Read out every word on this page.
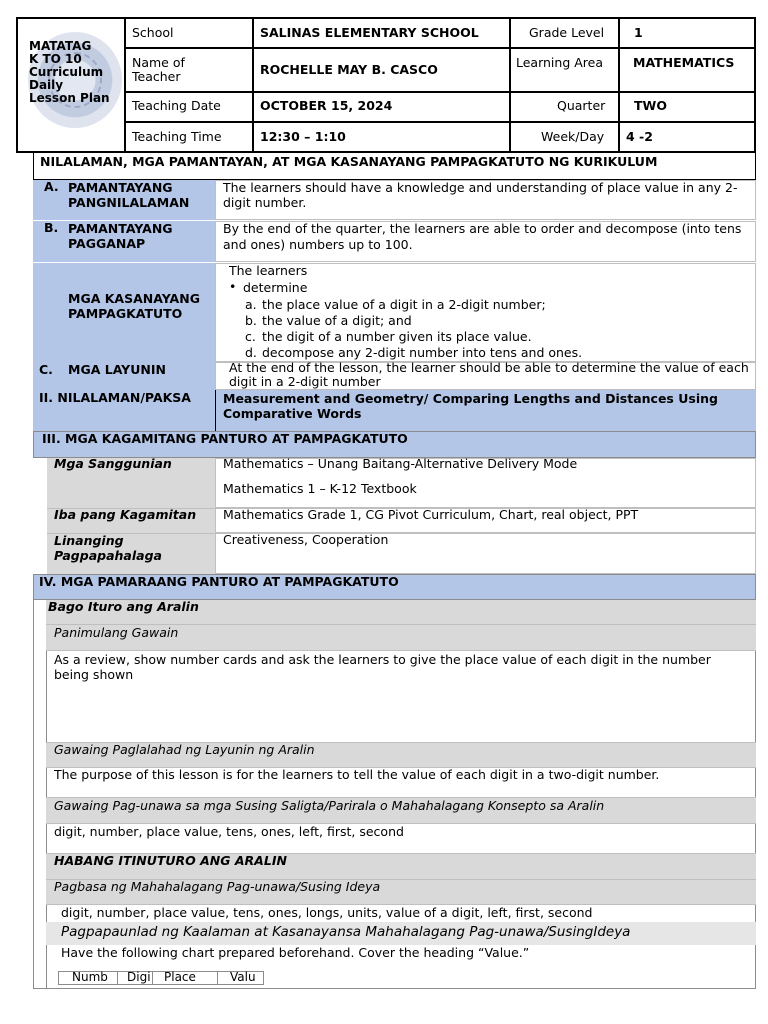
MATATAG
K TO 10
Curriculum
Daily
Lesson Plan
School	SALINAS ELEMENTARY SCHOOL	Grade Level 1
Name of Teacher	ROCHELLE MAY B. CASCO	Learning Area MATHEMATICS
Teaching Date	OCTOBER 15, 2024	Quarter TWO
Teaching Time	12:30 – 1:10	Week/Day 4 -2
NILALAMAN, MGA PAMANTAYAN, AT MGA KASANAYANG PAMPAGKATUTO NG KURIKULUM
A. PAMANTAYANG PANGNILALAMAN
The learners should have a knowledge and understanding of place value in any 2-digit number.
B. PAMANTAYANG PAGGANAP
By the end of the quarter, the learners are able to order and decompose (into tens and ones) numbers up to 100.
MGA KASANAYANG PAMPAGKATUTO
The learners
• determine
a. the place value of a digit in a 2-digit number;
b. the value of a digit; and
c. the digit of a number given its place value.
d. decompose any 2-digit number into tens and ones.
C. MGA LAYUNIN	At the end of the lesson, the learner should be able to determine the value of each digit in a 2-digit number
II. NILALAMAN/PAKSA	Measurement and Geometry/ Comparing Lengths and Distances Using Comparative Words
III. MGA KAGAMITANG PANTURO AT PAMPAGKATUTO
Mga Sanggunian	Mathematics – Unang Baitang-Alternative Delivery Mode
Mathematics 1 – K-12 Textbook
Iba pang Kagamitan Mathematics Grade 1, CG Pivot Curriculum, Chart, real object, PPT
Linanging Pagpapahalaga
Creativeness, Cooperation
IV. MGA PAMARAANG PANTURO AT PAMPAGKATUTO
Bago Ituro ang Aralin
Panimulang Gawain
As a review, show number cards and ask the learners to give the place value of each digit in the number being shown
Gawaing Paglalahad ng Layunin ng Aralin
The purpose of this lesson is for the learners to tell the value of each digit in a two-digit number.
Gawaing Pag-unawa sa mga Susing Saligta/Parirala o Mahahalagang Konsepto sa Aralin
digit, number, place value, tens, ones, left, first, second
HABANG ITINUTURO ANG ARALIN
Pagbasa ng Mahahalagang Pag-unawa/Susing Ideya
digit, number, place value, tens, ones, longs, units, value of a digit, left, first, second
Pagpapaunlad ng Kaalaman at Kasanayansa Mahahalagang Pag-unawa/SusingIdeya
Have the following chart prepared beforehand. Cover the heading “Value.”
Numb Digi Place	Valu
